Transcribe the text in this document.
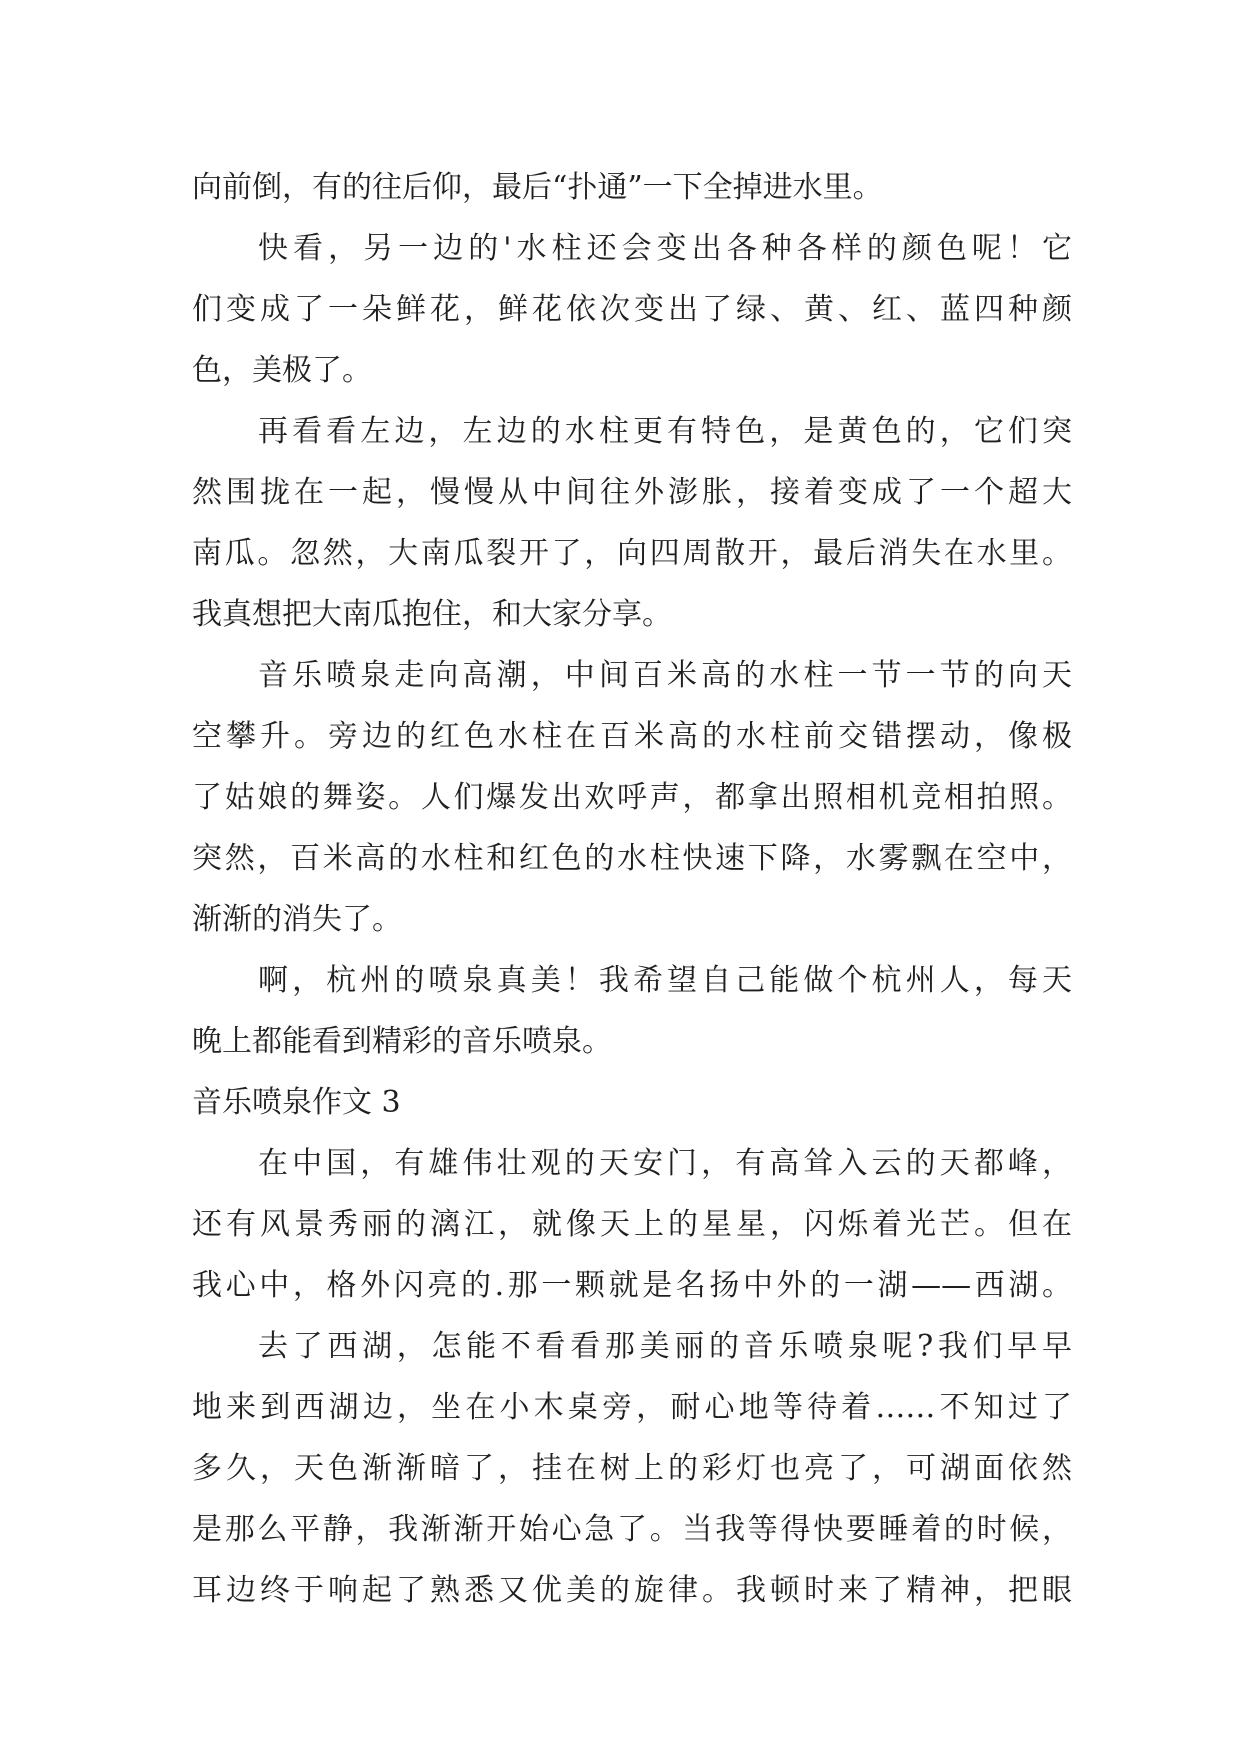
向前倒，有的往后仰，最后“扑通”一下全掉进水里。
快看，另一边的'水柱还会变出各种各样的颜色呢！它
们变成了一朵鲜花，鲜花依次变出了绿、黄、红、蓝四种颜
色，美极了。
再看看左边，左边的水柱更有特色，是黄色的，它们突
然围拢在一起，慢慢从中间往外澎胀，接着变成了一个超大
南瓜。忽然，大南瓜裂开了，向四周散开，最后消失在水里。
我真想把大南瓜抱住，和大家分享。
音乐喷泉走向高潮，中间百米高的水柱一节一节的向天
空攀升。旁边的红色水柱在百米高的水柱前交错摆动，像极
了姑娘的舞姿。人们爆发出欢呼声，都拿出照相机竞相拍照。
突然，百米高的水柱和红色的水柱快速下降，水雾飘在空中，
渐渐的消失了。
啊，杭州的喷泉真美！我希望自己能做个杭州人，每天
晚上都能看到精彩的音乐喷泉。
音乐喷泉作文 3
在中国，有雄伟壮观的天安门，有高耸入云的天都峰，
还有风景秀丽的漓江，就像天上的星星，闪烁着光芒。但在
我心中，格外闪亮的.那一颗就是名扬中外的一湖——西湖。
去了西湖，怎能不看看那美丽的音乐喷泉呢?我们早早
地来到西湖边，坐在小木桌旁，耐心地等待着……不知过了
多久，天色渐渐暗了，挂在树上的彩灯也亮了，可湖面依然
是那么平静，我渐渐开始心急了。当我等得快要睡着的时候，
耳边终于响起了熟悉又优美的旋律。我顿时来了精神，把眼
